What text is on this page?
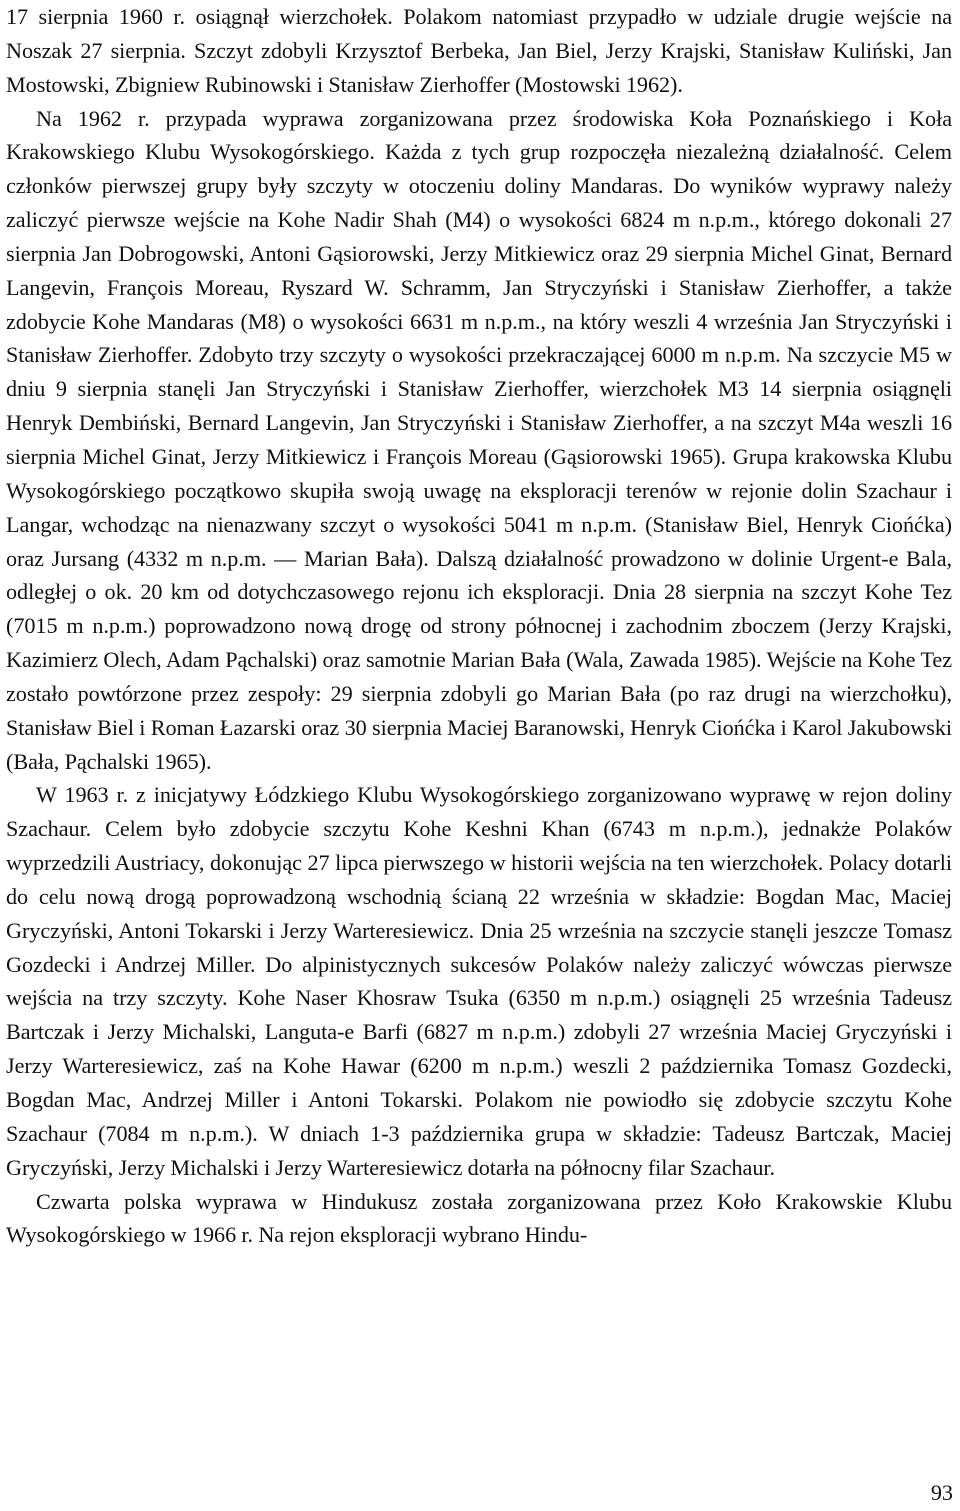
17 sierpnia 1960 r. osiągnął wierzchołek. Polakom natomiast przypadło w udziale drugie wejście na Noszak 27 sierpnia. Szczyt zdobyli Krzysztof Berbeka, Jan Biel, Jerzy Krajski, Stanisław Kuliński, Jan Mostowski, Zbigniew Rubinowski i Stanisław Zierhoffer (Mostowski 1962).

Na 1962 r. przypada wyprawa zorganizowana przez środowiska Koła Poznańskiego i Koła Krakowskiego Klubu Wysokogórskiego. Każda z tych grup rozpoczęła niezależną działalność. Celem członków pierwszej grupy były szczyty w otoczeniu doliny Mandaras. Do wyników wyprawy należy zaliczyć pierwsze wejście na Kohe Nadir Shah (M4) o wysokości 6824 m n.p.m., którego dokonali 27 sierpnia Jan Dobrogowski, Antoni Gąsiorowski, Jerzy Mitkiewicz oraz 29 sierpnia Michel Ginat, Bernard Langevin, François Moreau, Ryszard W. Schramm, Jan Stryczyński i Stanisław Zierhoffer, a także zdobycie Kohe Mandaras (M8) o wysokości 6631 m n.p.m., na który weszli 4 września Jan Stryczyński i Stanisław Zierhoffer. Zdobyto trzy szczyty o wysokości przekraczającej 6000 m n.p.m. Na szczycie M5 w dniu 9 sierpnia stanęli Jan Stryczyński i Stanisław Zierhoffer, wierzchołek M3 14 sierpnia osiągnęli Henryk Dembiński, Bernard Langevin, Jan Stryczyński i Stanisław Zierhoffer, a na szczyt M4a weszli 16 sierpnia Michel Ginat, Jerzy Mitkiewicz i François Moreau (Gąsiorowski 1965). Grupa krakowska Klubu Wysokogórskiego początkowo skupiła swoją uwagę na eksploracji terenów w rejonie dolin Szachaur i Langar, wchodząc na nienazwany szczyt o wysokości 5041 m n.p.m. (Stanisław Biel, Henryk Ciońćka) oraz Jursang (4332 m n.p.m. — Marian Bała). Dalszą działalność prowadzono w dolinie Urgent-e Bala, odległej o ok. 20 km od dotychczasowego rejonu ich eksploracji. Dnia 28 sierpnia na szczyt Kohe Tez (7015 m n.p.m.) poprowadzono nową drogę od strony północnej i zachodnim zboczem (Jerzy Krajski, Kazimierz Olech, Adam Pąchalski) oraz samotnie Marian Bała (Wala, Zawada 1985). Wejście na Kohe Tez zostało powtórzone przez zespoły: 29 sierpnia zdobyli go Marian Bała (po raz drugi na wierzchołku), Stanisław Biel i Roman Łazarski oraz 30 sierpnia Maciej Baranowski, Henryk Ciońćka i Karol Jakubowski (Bała, Pąchalski 1965).

W 1963 r. z inicjatywy Łódzkiego Klubu Wysokogórskiego zorganizowano wyprawę w rejon doliny Szachaur. Celem było zdobycie szczytu Kohe Keshni Khan (6743 m n.p.m.), jednakże Polaków wyprzedzili Austriacy, dokonując 27 lipca pierwszego w historii wejścia na ten wierzchołek. Polacy dotarli do celu nową drogą poprowadzoną wschodnią ścianą 22 września w składzie: Bogdan Mac, Maciej Gryczyński, Antoni Tokarski i Jerzy Warteresiewicz. Dnia 25 września na szczycie stanęli jeszcze Tomasz Gozdecki i Andrzej Miller. Do alpinistycznych sukcesów Polaków należy zaliczyć wówczas pierwsze wejścia na trzy szczyty. Kohe Naser Khosraw Tsuka (6350 m n.p.m.) osiągnęli 25 września Tadeusz Bartczak i Jerzy Michalski, Languta-e Barfi (6827 m n.p.m.) zdobyli 27 września Maciej Gryczyński i Jerzy Warteresiewicz, zaś na Kohe Hawar (6200 m n.p.m.) weszli 2 października Tomasz Gozdecki, Bogdan Mac, Andrzej Miller i Antoni Tokarski. Polakom nie powiodło się zdobycie szczytu Kohe Szachaur (7084 m n.p.m.). W dniach 1-3 października grupa w składzie: Tadeusz Bartczak, Maciej Gryczyński, Jerzy Michalski i Jerzy Warteresiewicz dotarła na północny filar Szachaur.

Czwarta polska wyprawa w Hindukusz została zorganizowana przez Koło Krakowskie Klubu Wysokogórskiego w 1966 r. Na rejon eksploracji wybrano Hindu-

93
